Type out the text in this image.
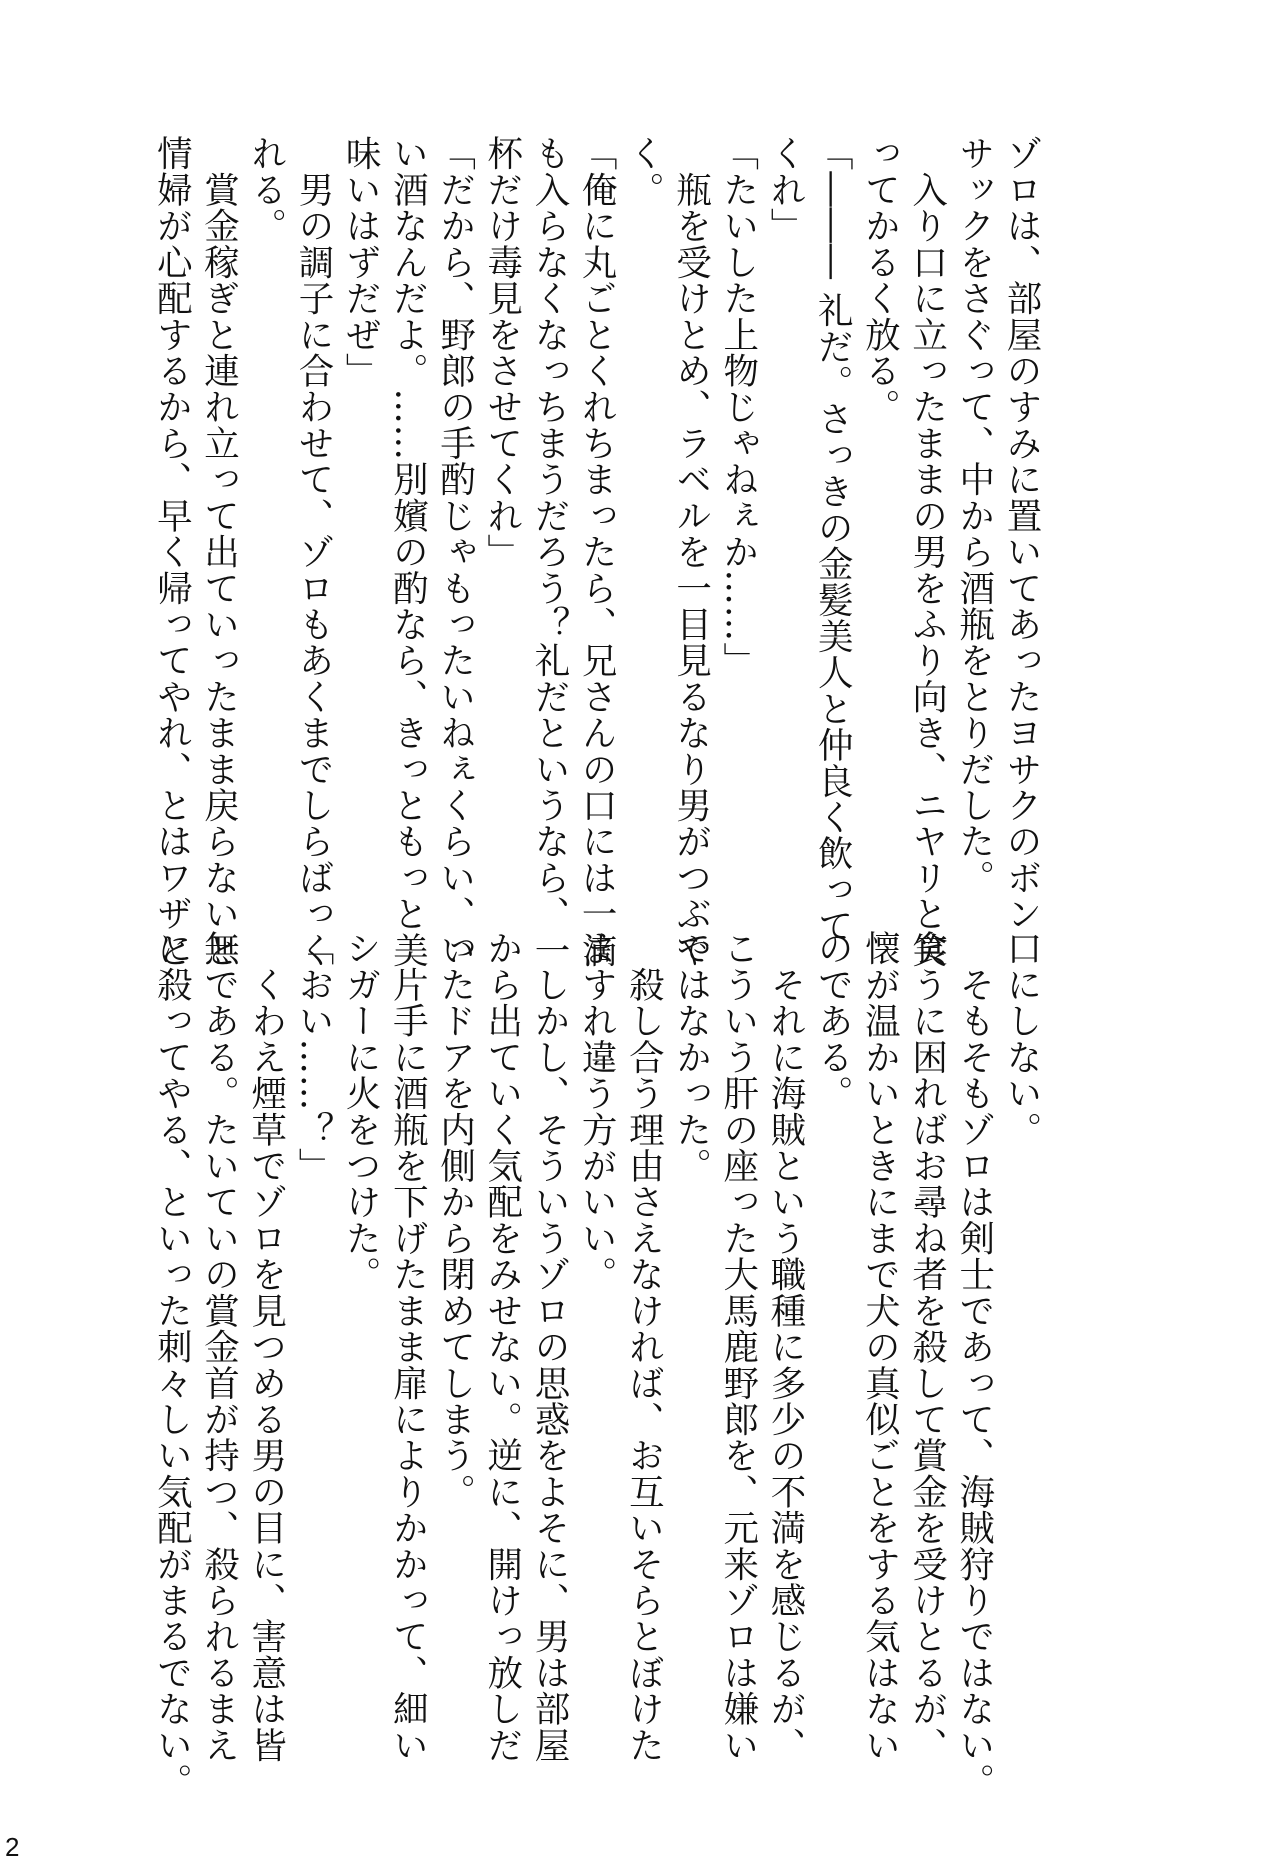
ゾロは、部屋のすみに置いてあったヨサクのボン
サックをさぐって、中から酒瓶をとりだした。
　入り口に立ったままの男をふり向き、ニヤリと笑
ってかるく放る。
「――― 礼だ。さっきの金髪美人と仲良く飲って
くれ」
「たいした上物じゃねぇか……」
　瓶を受けとめ、ラベルを一目見るなり男がつぶや
く。
「俺に丸ごとくれちまったら、兄さんの口には一滴
も入らなくなっちまうだろう？礼だというなら、一
杯だけ毒見をさせてくれ」
「だから、野郎の手酌じゃもったいねぇくらい、い
い酒なんだよ。……別嬪の酌なら、きっともっと美
味いはずだぜ」
　男の調子に合わせて、ゾロもあくまでしらばっく
れる。
　賞金稼ぎと連れ立って出ていったまま戻らないと
情婦が心配するから、早く帰ってやれ、とはワザと
口にしない。
　そもそもゾロは剣士であって、海賊狩りではない。
食うに困ればお尋ね者を殺して賞金を受けとるが、
懐が温かいときにまで犬の真似ごとをする気はない
のである。
　それに海賊という職種に多少の不満を感じるが、
こういう肝の座った大馬鹿野郎を、元来ゾロは嫌い
ではなかった。
　殺し合う理由さえなければ、お互いそらとぼけた
ますれ違う方がいい。
　しかし、そういうゾロの思惑をよそに、男は部屋
から出ていく気配をみせない。逆に、開けっ放しだ
ったドアを内側から閉めてしまう。
　片手に酒瓶を下げたまま扉によりかかって、細い
シガーに火をつけた。
「おい……？」
　くわえ煙草でゾロを見つめる男の目に、害意は皆
無である。たいていの賞金首が持つ、殺られるまえ
に殺ってやる、といった刺々しい気配がまるでない。
2
